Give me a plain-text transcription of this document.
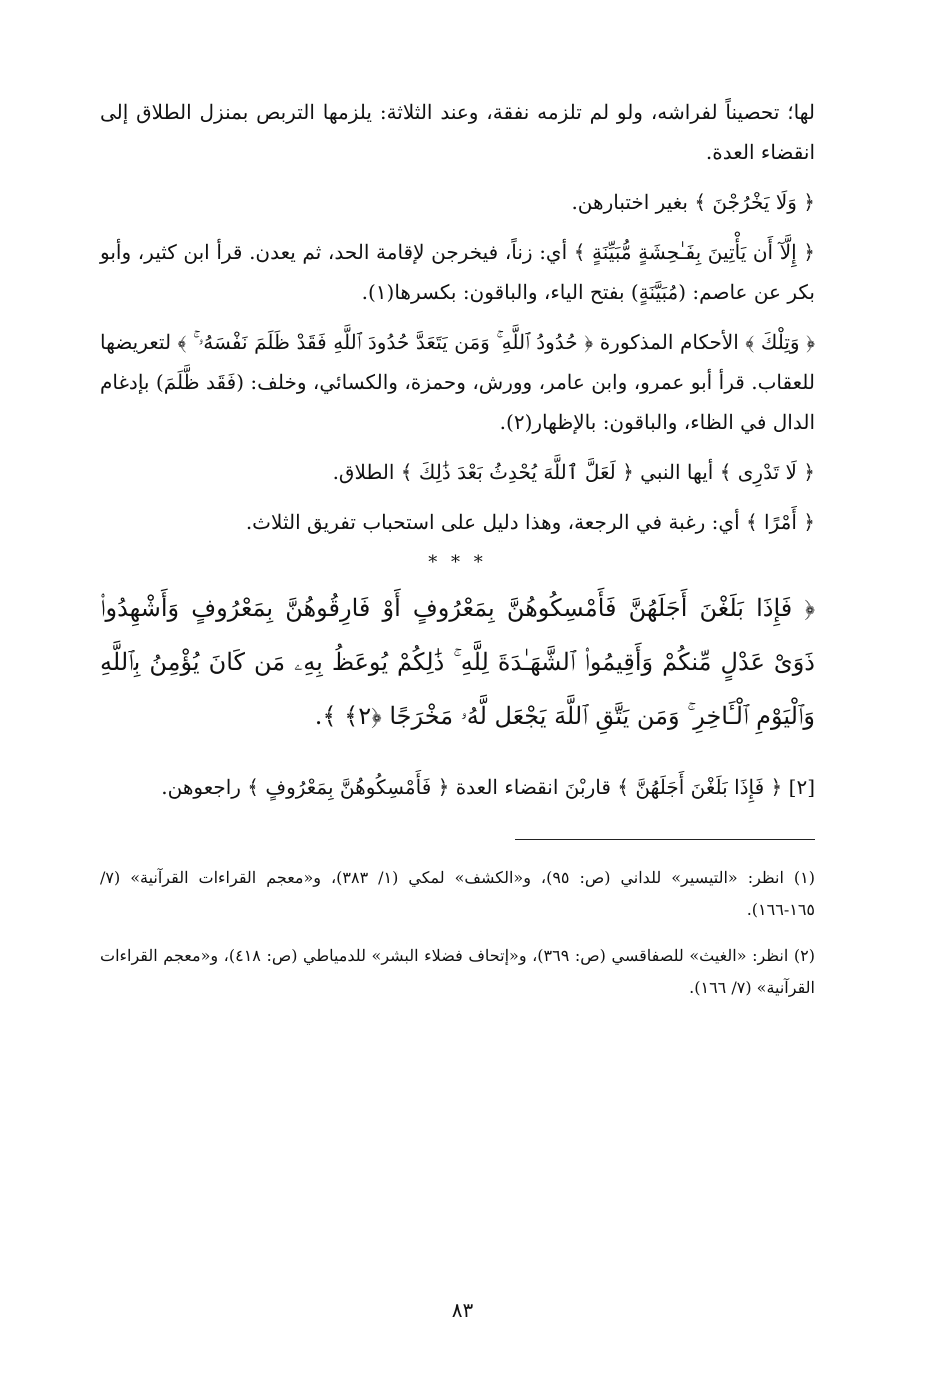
لها؛ تحصيناً لفراشه، ولو لم تلزمه نفقة، وعند الثلاثة: يلزمها التربص بمنزل الطلاق إلى انقضاء العدة.

﴿ وَلَا يَخْرُجْنَ ﴾ بغير اختبارهن.

﴿ إِلَّآ أَن يَأْتِينَ بِفَـٰحِشَةٍ مُّبَيِّنَةٍ ﴾ أي: زناً، فيخرجن لإقامة الحد، ثم يعدن. قرأ ابن كثير، وأبو بكر عن عاصم: (مُبَيَّنَةٍ) بفتح الياء، والباقون: بكسرها(١).

﴿ وَتِلْكَ ﴾ الأحكام المذكورة ﴿ حُدُودُ ٱللَّهِ ۚ وَمَن يَتَعَدَّ حُدُودَ ٱللَّهِ فَقَدْ ظَلَمَ نَفْسَهُۥ ۚ ﴾ لتعريضها للعقاب. قرأ أبو عمرو، وابن عامر، وورش، وحمزة، والكسائي، وخلف: (فَقَد ظَّلَمَ) بإدغام الدال في الظاء، والباقون: بالإظهار(٢).

﴿ لَا تَدْرِى ﴾ أيها النبي ﴿ لَعَلَّ ٱللَّهَ يُحْدِثُ بَعْدَ ذَٰلِكَ ﴾ الطلاق.

﴿ أَمْرًا ﴾ أي: رغبة في الرجعة، وهذا دليل على استحباب تفريق الثلاث.

* * *

﴿ فَإِذَا بَلَغْنَ أَجَلَهُنَّ فَأَمْسِكُوهُنَّ بِمَعْرُوفٍ أَوْ فَارِقُوهُنَّ بِمَعْرُوفٍ وَأَشْهِدُوا۟ ذَوَىْ عَدْلٍ مِّنكُمْ وَأَقِيمُوا۟ ٱلشَّهَـٰدَةَ لِلَّهِ ۚ ذَٰلِكُمْ يُوعَظُ بِهِۦ مَن كَانَ يُؤْمِنُ بِٱللَّهِ وَٱلْيَوْمِ ٱلْـَٔاخِرِ ۚ وَمَن يَتَّقِ ٱللَّهَ يَجْعَل لَّهُۥ مَخْرَجًا ﴿٢﴾ ﴾.

[٢] ﴿ فَإِذَا بَلَغْنَ أَجَلَهُنَّ ﴾ قاربْنَ انقضاء العدة ﴿ فَأَمْسِكُوهُنَّ بِمَعْرُوفٍ ﴾ راجعوهن.

(١) انظر: «التيسير» للداني (ص: ٩٥)، و«الكشف» لمكي (١/ ٣٨٣)، و«معجم القراءات القرآنية» (٧/ ١٦٥-١٦٦).

(٢) انظر: «الغيث» للصفاقسي (ص: ٣٦٩)، و«إتحاف فضلاء البشر» للدمياطي (ص: ٤١٨)، و«معجم القراءات القرآنية» (٧/ ١٦٦).

٨٣
